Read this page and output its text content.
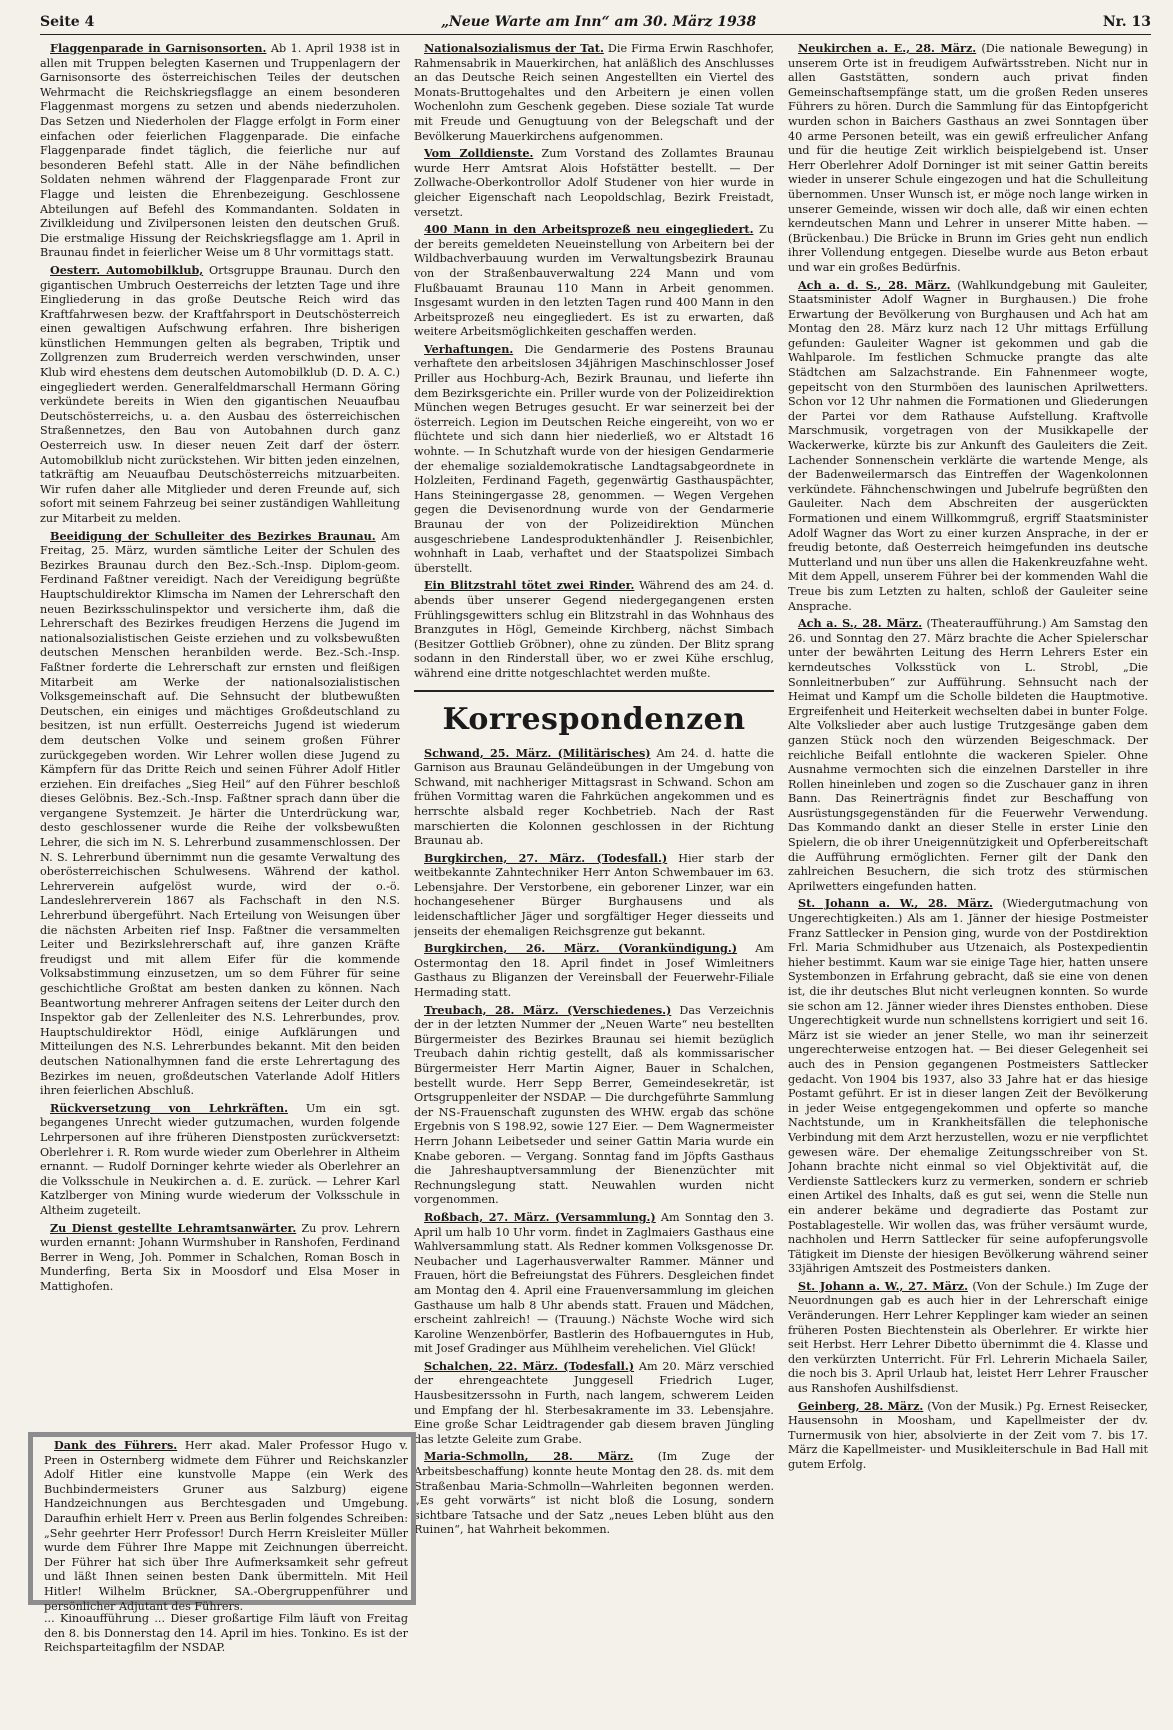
Seite 4	„Neue Warte am Inn“ am 30. März 1938	Nr. 13

Flaggenparade in Garnisonsorten. Ab 1. April 1938 ist in allen mit Truppen belegten Kasernen und Truppenlagern der Garnisonsorte des österreichischen Teiles der deutschen Wehrmacht die Reichskriegsflagge an einem besonderen Flaggenmast morgens zu setzen und abends niederzuholen. Das Setzen und Niederholen der Flagge erfolgt in Form einer einfachen oder feierlichen Flaggenparade. Die einfache Flaggenparade findet täglich, die feierliche nur auf besonderen Befehl statt. Alle in der Nähe befindlichen Soldaten nehmen während der Flaggenparade Front zur Flagge und leisten die Ehrenbezeigung. Geschlossene Abteilungen auf Befehl des Kommandanten. Soldaten in Zivilkleidung und Zivilpersonen leisten den deutschen Gruß. Die erstmalige Hissung der Reichskriegsflagge am 1. April in Braunau findet in feierlicher Weise um 8 Uhr vormittags statt.

Oesterr. Automobilklub, Ortsgruppe Braunau. Durch den gigantischen Umbruch Oesterreichs der letzten Tage und ihre Eingliederung in das große Deutsche Reich wird das Kraftfahrwesen bezw. der Kraftfahrsport in Deutschösterreich einen gewaltigen Aufschwung erfahren. Ihre bisherigen künstlichen Hemmungen gelten als begraben, Triptik und Zollgrenzen zum Bruderreich werden verschwinden, unser Klub wird ehestens dem deutschen Automobilklub (D. D. A. C.) eingegliedert werden. Generalfeldmarschall Hermann Göring verkündete bereits in Wien den gigantischen Neuaufbau Deutschösterreichs, u. a. den Ausbau des österreichischen Straßennetzes, den Bau von Autobahnen durch ganz Oesterreich usw. In dieser neuen Zeit darf der österr. Automobilklub nicht zurückstehen. Wir bitten jeden einzelnen, tatkräftig am Neuaufbau Deutschösterreichs mitzuarbeiten. Wir rufen daher alle Mitglieder und deren Freunde auf, sich sofort mit seinem Fahrzeug bei seiner zuständigen Wahlleitung zur Mitarbeit zu melden.

Beeidigung der Schulleiter des Bezirkes Braunau. Am Freitag, 25. März, wurden sämtliche Leiter der Schulen des Bezirkes Braunau durch den Bez.-Sch.-Insp. Diplom-geom. Ferdinand Faßtner vereidigt. Nach der Vereidigung begrüßte Hauptschuldirektor Klimscha im Namen der Lehrerschaft den neuen Bezirksschulinspektor und versicherte ihm, daß die Lehrerschaft des Bezirkes freudigen Herzens die Jugend im nationalsozialistischen Geiste erziehen und zu volksbewußten deutschen Menschen heranbilden werde. Bez.-Sch.-Insp. Faßtner forderte die Lehrerschaft zur ernsten und fleißigen Mitarbeit am Werke der nationalsozialistischen Volksgemeinschaft auf. Die Sehnsucht der blutbewußten Deutschen, ein einiges und mächtiges Großdeutschland zu besitzen, ist nun erfüllt. Oesterreichs Jugend ist wiederum dem deutschen Volke und seinem großen Führer zurückgegeben worden. Wir Lehrer wollen diese Jugend zu Kämpfern für das Dritte Reich und seinen Führer Adolf Hitler erziehen. Ein dreifaches „Sieg Heil“ auf den Führer beschloß dieses Gelöbnis. Bez.-Sch.-Insp. Faßtner sprach dann über die vergangene Systemzeit. Je härter die Unterdrückung war, desto geschlossener wurde die Reihe der volksbewußten Lehrer, die sich im N. S. Lehrerbund zusammenschlossen. Der N. S. Lehrerbund übernimmt nun die gesamte Verwaltung des oberösterreichischen Schulwesens. Während der kathol. Lehrerverein aufgelöst wurde, wird der o.-ö. Landeslehrerverein 1867 als Fachschaft in den N.S. Lehrerbund übergeführt. Nach Erteilung von Weisungen über die nächsten Arbeiten rief Insp. Faßtner die versammelten Leiter und Bezirkslehrerschaft auf, ihre ganzen Kräfte freudigst und mit allem Eifer für die kommende Volksabstimmung einzusetzen, um so dem Führer für seine geschichtliche Großtat am besten danken zu können. Nach Beantwortung mehrerer Anfragen seitens der Leiter durch den Inspektor gab der Zellenleiter des N.S. Lehrerbundes, prov. Hauptschuldirektor Hödl, einige Aufklärungen und Mitteilungen des N.S. Lehrerbundes bekannt. Mit den beiden deutschen Nationalhymnen fand die erste Lehrertagung des Bezirkes im neuen, großdeutschen Vaterlande Adolf Hitlers ihren feierlichen Abschluß.

Rückversetzung von Lehrkräften. Um ein sgt. begangenes Unrecht wieder gutzumachen, wurden folgende Lehrpersonen auf ihre früheren Dienstposten zurückversetzt: Oberlehrer i. R. Rom wurde wieder zum Oberlehrer in Altheim ernannt. — Rudolf Dorninger kehrte wieder als Oberlehrer an die Volksschule in Neukirchen a. d. E. zurück. — Lehrer Karl Katzlberger von Mining wurde wiederum der Volksschule in Altheim zugeteilt.

Zu Dienst gestellte Lehramtsanwärter. Zu prov. Lehrern wurden ernannt: Johann Wurmshuber in Ranshofen, Ferdinand Berrer in Weng, Joh. Pommer in Schalchen, Roman Bosch in Munderfing, Berta Six in Moosdorf und Elsa Moser in Mattighofen.

Nationalsozialismus der Tat. Die Firma Erwin Raschhofer, Rahmensabrik in Mauerkirchen, hat anläßlich des Anschlusses an das Deutsche Reich seinen Angestellten ein Viertel des Monats-Bruttogehaltes und den Arbeitern je einen vollen Wochenlohn zum Geschenk gegeben. Diese soziale Tat wurde mit Freude und Genugtuung von der Belegschaft und der Bevölkerung Mauerkirchens aufgenommen.

Vom Zolldienste. Zum Vorstand des Zollamtes Braunau wurde Herr Amtsrat Alois Hofstätter bestellt. — Der Zollwache-Oberkontrollor Adolf Studener von hier wurde in gleicher Eigenschaft nach Leopoldschlag, Bezirk Freistadt, versetzt.

400 Mann in den Arbeitsprozeß neu eingegliedert. Zu der bereits gemeldeten Neueinstellung von Arbeitern bei der Wildbachverbauung wurden im Verwaltungsbezirk Braunau von der Straßenbauverwaltung 224 Mann und vom Flußbauamt Braunau 110 Mann in Arbeit genommen. Insgesamt wurden in den letzten Tagen rund 400 Mann in den Arbeitsprozeß neu eingegliedert. Es ist zu erwarten, daß weitere Arbeitsmöglichkeiten geschaffen werden.

Verhaftungen. Die Gendarmerie des Postens Braunau verhaftete den arbeitslosen 34jährigen Maschinschlosser Josef Priller aus Hochburg-Ach, Bezirk Braunau, und lieferte ihn dem Bezirksgerichte ein. Priller wurde von der Polizeidirektion München wegen Betruges gesucht. Er war seinerzeit bei der österreich. Legion im Deutschen Reiche eingereiht, von wo er flüchtete und sich dann hier niederließ, wo er Altstadt 16 wohnte. — In Schutzhaft wurde von der hiesigen Gendarmerie der ehemalige sozialdemokratische Landtagsabgeordnete in Holzleiten, Ferdinand Fageth, gegenwärtig Gasthauspächter, Hans Steiningergasse 28, genommen. — Wegen Vergehen gegen die Devisenordnung wurde von der Gendarmerie Braunau der von der Polizeidirektion München ausgeschriebene Landesproduktenhändler J. Reisenbichler, wohnhaft in Laab, verhaftet und der Staatspolizei Simbach überstellt.

Ein Blitzstrahl tötet zwei Rinder. Während des am 24. d. abends über unserer Gegend niedergegangenen ersten Frühlingsgewitters schlug ein Blitzstrahl in das Wohnhaus des Branzgutes in Högl, Gemeinde Kirchberg, nächst Simbach (Besitzer Gottlieb Gröbner), ohne zu zünden. Der Blitz sprang sodann in den Rinderstall über, wo er zwei Kühe erschlug, während eine dritte notgeschlachtet werden mußte.

Korrespondenzen

Schwand, 25. März. (Militärisches) Am 24. d. hatte die Garnison aus Braunau Geländeübungen in der Umgebung von Schwand, mit nachheriger Mittagsrast in Schwand. Schon am frühen Vormittag waren die Fahrküchen angekommen und es herrschte alsbald reger Kochbetrieb. Nach der Rast marschierten die Kolonnen geschlossen in der Richtung Braunau ab.

Burgkirchen, 27. März. (Todesfall.) Hier starb der weitbekannte Zahntechniker Herr Anton Schwembauer im 63. Lebensjahre. Der Verstorbene, ein geborener Linzer, war ein hochangesehener Bürger Burghausens und als leidenschaftlicher Jäger und sorgfältiger Heger diesseits und jenseits der ehemaligen Reichsgrenze gut bekannt.

Burgkirchen, 26. März. (Vorankündigung.) Am Ostermontag den 18. April findet in Josef Wimleitners Gasthaus zu Bliganzen der Vereinsball der Feuerwehr-Filiale Hermading statt.

Treubach, 28. März. (Verschiedenes.) Das Verzeichnis der in der letzten Nummer der „Neuen Warte“ neu bestellten Bürgermeister des Bezirkes Braunau sei hiemit bezüglich Treubach dahin richtig gestellt, daß als kommissarischer Bürgermeister Herr Martin Aigner, Bauer in Schalchen, bestellt wurde. Herr Sepp Berrer, Gemeindesekretär, ist Ortsgruppenleiter der NSDAP. — Die durchgeführte Sammlung der NS-Frauenschaft zugunsten des WHW. ergab das schöne Ergebnis von S 198.92, sowie 127 Eier. — Dem Wagnermeister Herrn Johann Leibetseder und seiner Gattin Maria wurde ein Knabe geboren. — Vergang. Sonntag fand im Jöpfts Gasthaus die Jahreshauptversammlung der Bienenzüchter mit Rechnungslegung statt. Neuwahlen wurden nicht vorgenommen.

Roßbach, 27. März. (Versammlung.) Am Sonntag den 3. April um halb 10 Uhr vorm. findet in Zaglmaiers Gasthaus eine Wahlversammlung statt. Als Redner kommen Volksgenosse Dr. Neubacher und Lagerhausverwalter Rammer. Männer und Frauen, hört die Befreiungstat des Führers. Desgleichen findet am Montag den 4. April eine Frauenversammlung im gleichen Gasthause um halb 8 Uhr abends statt. Frauen und Mädchen, erscheint zahlreich! — (Trauung.) Nächste Woche wird sich Karoline Wenzenbörfer, Bastlerin des Hofbauerngutes in Hub, mit Josef Gradinger aus Mühlheim verehelichen. Viel Glück!

Schalchen, 22. März. (Todesfall.) Am 20. März verschied der ehrengeachtete Junggesell Friedrich Luger, Hausbesitzerssohn in Furth, nach langem, schwerem Leiden und Empfang der hl. Sterbesakramente im 33. Lebensjahre. Eine große Schar Leidtragender gab diesem braven Jüngling das letzte Geleite zum Grabe.

Maria-Schmolln, 28. März. (Im Zuge der Arbeitsbeschaffung) konnte heute Montag den 28. ds. mit dem Straßenbau Maria-Schmolln—Wahrleiten begonnen werden. „Es geht vorwärts“ ist nicht bloß die Losung, sondern sichtbare Tatsache und der Satz „neues Leben blüht aus den Ruinen“, hat Wahrheit bekommen.

Neukirchen a. E., 28. März. (Die nationale Bewegung) in unserem Orte ist in freudigem Aufwärtsstreben. Nicht nur in allen Gaststätten, sondern auch privat finden Gemeinschaftsempfänge statt, um die großen Reden unseres Führers zu hören. Durch die Sammlung für das Eintopfgericht wurden schon in Baichers Gasthaus an zwei Sonntagen über 40 arme Personen beteilt, was ein gewiß erfreulicher Anfang und für die heutige Zeit wirklich beispielgebend ist. Unser Herr Oberlehrer Adolf Dorninger ist mit seiner Gattin bereits wieder in unserer Schule eingezogen und hat die Schulleitung übernommen. Unser Wunsch ist, er möge noch lange wirken in unserer Gemeinde, wissen wir doch alle, daß wir einen echten kerndeutschen Mann und Lehrer in unserer Mitte haben. — (Brückenbau.) Die Brücke in Brunn im Gries geht nun endlich ihrer Vollendung entgegen. Dieselbe wurde aus Beton erbaut und war ein großes Bedürfnis.

Ach a. d. S., 28. März. (Wahlkundgebung mit Gauleiter, Staatsminister Adolf Wagner in Burghausen.) Die frohe Erwartung der Bevölkerung von Burghausen und Ach hat am Montag den 28. März kurz nach 12 Uhr mittags Erfüllung gefunden: Gauleiter Wagner ist gekommen und gab die Wahlparole. Im festlichen Schmucke prangte das alte Städtchen am Salzachstrande. Ein Fahnenmeer wogte, gepeitscht von den Sturmböen des launischen Aprilwetters. Schon vor 12 Uhr nahmen die Formationen und Gliederungen der Partei vor dem Rathause Aufstellung. Kraftvolle Marschmusik, vorgetragen von der Musikkapelle der Wackerwerke, kürzte bis zur Ankunft des Gauleiters die Zeit. Lachender Sonnenschein verklärte die wartende Menge, als der Badenweilermarsch das Eintreffen der Wagenkolonnen verkündete. Fähnchenschwingen und Jubelrufe begrüßten den Gauleiter. Nach dem Abschreiten der ausgerückten Formationen und einem Willkommgruß, ergriff Staatsminister Adolf Wagner das Wort zu einer kurzen Ansprache, in der er freudig betonte, daß Oesterreich heimgefunden ins deutsche Mutterland und nun über uns allen die Hakenkreuzfahne weht. Mit dem Appell, unserem Führer bei der kommenden Wahl die Treue bis zum Letzten zu halten, schloß der Gauleiter seine Ansprache.

Ach a. S., 28. März. (Theateraufführung.) Am Samstag den 26. und Sonntag den 27. März brachte die Acher Spielerschar unter der bewährten Leitung des Herrn Lehrers Ester ein kerndeutsches Volksstück von L. Strobl, „Die Sonnleitnerbuben“ zur Aufführung. Sehnsucht nach der Heimat und Kampf um die Scholle bildeten die Hauptmotive. Ergreifenheit und Heiterkeit wechselten dabei in bunter Folge. Alte Volkslieder aber auch lustige Trutzgesänge gaben dem ganzen Stück noch den würzenden Beigeschmack. Der reichliche Beifall entlohnte die wackeren Spieler. Ohne Ausnahme vermochten sich die einzelnen Darsteller in ihre Rollen hineinleben und zogen so die Zuschauer ganz in ihren Bann. Das Reinerträgnis findet zur Beschaffung von Ausrüstungsgegenständen für die Feuerwehr Verwendung. Das Kommando dankt an dieser Stelle in erster Linie den Spielern, die ob ihrer Uneigennützigkeit und Opferbereitschaft die Aufführung ermöglichten. Ferner gilt der Dank den zahlreichen Besuchern, die sich trotz des stürmischen Aprilwetters eingefunden hatten.

St. Johann a. W., 28. März. (Wiedergutmachung von Ungerechtigkeiten.) Als am 1. Jänner der hiesige Postmeister Franz Sattlecker in Pension ging, wurde von der Postdirektion Frl. Maria Schmidhuber aus Utzenaich, als Postexpedientin hieher bestimmt. Kaum war sie einige Tage hier, hatten unsere Systembonzen in Erfahrung gebracht, daß sie eine von denen ist, die ihr deutsches Blut nicht verleugnen konnten. So wurde sie schon am 12. Jänner wieder ihres Dienstes enthoben. Diese Ungerechtigkeit wurde nun schnellstens korrigiert und seit 16. März ist sie wieder an jener Stelle, wo man ihr seinerzeit ungerechterweise entzogen hat. — Bei dieser Gelegenheit sei auch des in Pension gegangenen Postmeisters Sattlecker gedacht. Von 1904 bis 1937, also 33 Jahre hat er das hiesige Postamt geführt. Er ist in dieser langen Zeit der Bevölkerung in jeder Weise entgegengekommen und opferte so manche Nachtstunde, um in Krankheitsfällen die telephonische Verbindung mit dem Arzt herzustellen, wozu er nie verpflichtet gewesen wäre. Der ehemalige Zeitungsschreiber von St. Johann brachte nicht einmal so viel Objektivität auf, die Verdienste Sattleckers kurz zu vermerken, sondern er schrieb einen Artikel des Inhalts, daß es gut sei, wenn die Stelle nun ein anderer bekäme und degradierte das Postamt zur Postablagestelle. Wir wollen das, was früher versäumt wurde, nachholen und Herrn Sattlecker für seine aufopferungsvolle Tätigkeit im Dienste der hiesigen Bevölkerung während seiner 33jährigen Amtszeit des Postmeisters danken.

St. Johann a. W., 27. März. (Von der Schule.) Im Zuge der Neuordnungen gab es auch hier in der Lehrerschaft einige Veränderungen. Herr Lehrer Kepplinger kam wieder an seinen früheren Posten Biechtenstein als Oberlehrer. Er wirkte hier seit Herbst. Herr Lehrer Dibetto übernimmt die 4. Klasse und den verkürzten Unterricht. Für Frl. Lehrerin Michaela Sailer, die noch bis 3. April Urlaub hat, leistet Herr Lehrer Frauscher aus Ranshofen Aushilfsdienst.

Geinberg, 28. März. (Von der Musik.) Pg. Ernest Reisecker, Hausensohn in Moosham, und Kapellmeister der dv. Turnermusik von hier, absolvierte in der Zeit vom 7. bis 17. März die Kapellmeister- und Musikleiterschule in Bad Hall mit gutem Erfolg.

Dank des Führers. Herr akad. Maler Professor Hugo v. Preen in Osternberg widmete dem Führer und Reichskanzler Adolf Hitler eine kunstvolle Mappe (ein Werk des Buchbindermeisters Gruner aus Salzburg) eigene Handzeichnungen aus Berchtesgaden und Umgebung. Daraufhin erhielt Herr v. Preen aus Berlin folgendes Schreiben: „Sehr geehrter Herr Professor! Durch Herrn Kreisleiter Müller wurde dem Führer Ihre Mappe mit Zeichnungen überreicht. Der Führer hat sich über Ihre Aufmerksamkeit sehr gefreut und läßt Ihnen seinen besten Dank übermitteln. Mit Heil Hitler! Wilhelm Brückner, SA.-Obergruppenführer und persönlicher Adjutant des Führers.

... Kinoaufführung ... Dieser großartige Film läuft von Freitag den 8. bis Donnerstag den 14. April im hies. Tonkino. Es ist der Reichsparteitagfilm der NSDAP.
